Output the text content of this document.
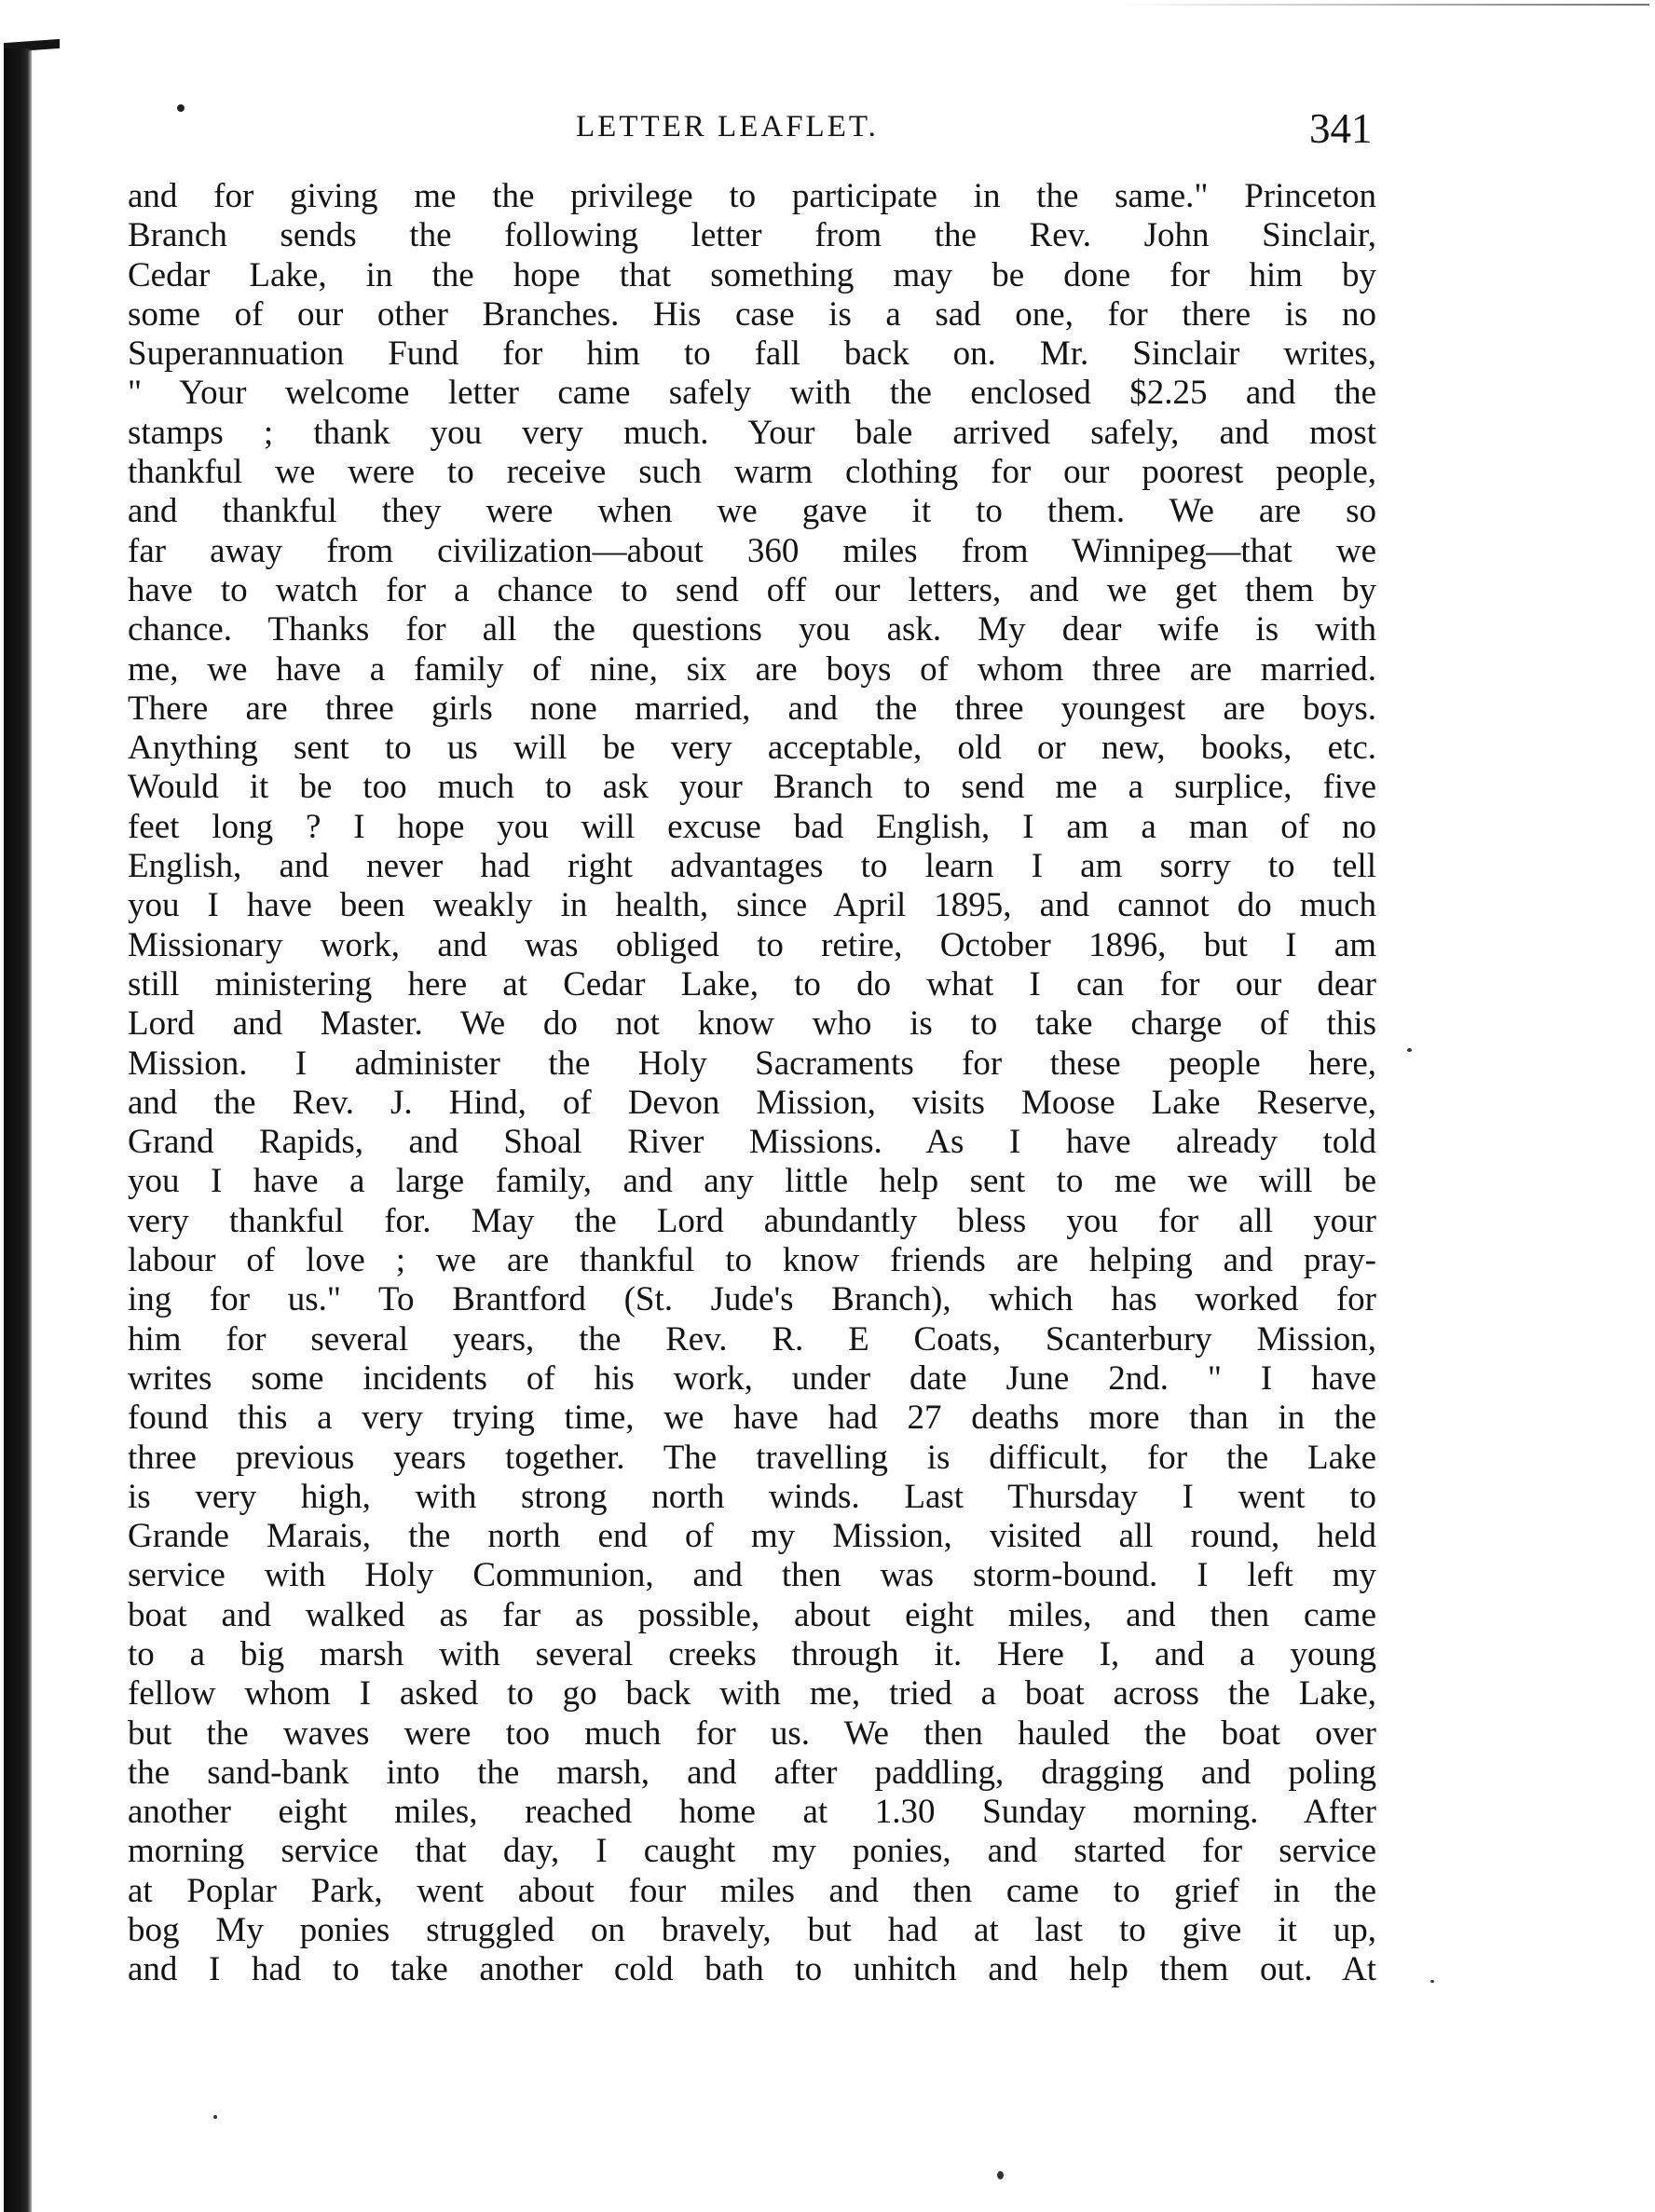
LETTER LEAFLET.	341
and for giving me the privilege to participate in the same." Princeton
Branch sends the following letter from the Rev. John Sinclair,
Cedar Lake, in the hope that something may be done for him by
some of our other Branches. His case is a sad one, for there is no
Superannuation Fund for him to fall back on. Mr. Sinclair writes,
" Your welcome letter came safely with the enclosed $2.25 and the
stamps ; thank you very much. Your bale arrived safely, and most
thankful we were to receive such warm clothing for our poorest people,
and thankful they were when we gave it to them. We are so
far away from civilization—about 360 miles from Winnipeg—that we
have to watch for a chance to send off our letters, and we get them by
chance. Thanks for all the questions you ask. My dear wife is with
me, we have a family of nine, six are boys of whom three are married.
There are three girls none married, and the three youngest are boys.
Anything sent to us will be very acceptable, old or new, books, etc.
Would it be too much to ask your Branch to send me a surplice, five
feet long ? I hope you will excuse bad English, I am a man of no
English, and never had right advantages to learn I am sorry to tell
you I have been weakly in health, since April 1895, and cannot do much
Missionary work, and was obliged to retire, October 1896, but I am
still ministering here at Cedar Lake, to do what I can for our dear
Lord and Master. We do not know who is to take charge of this
Mission. I administer the Holy Sacraments for these people here,
and the Rev. J. Hind, of Devon Mission, visits Moose Lake Reserve,
Grand Rapids, and Shoal River Missions. As I have already told
you I have a large family, and any little help sent to me we will be
very thankful for. May the Lord abundantly bless you for all your
labour of love ; we are thankful to know friends are helping and pray-
ing for us." To Brantford (St. Jude's Branch), which has worked for
him for several years, the Rev. R. E Coats, Scanterbury Mission,
writes some incidents of his work, under date June 2nd. " I have
found this a very trying time, we have had 27 deaths more than in the
three previous years together. The travelling is difficult, for the Lake
is very high, with strong north winds. Last Thursday I went to
Grande Marais, the north end of my Mission, visited all round, held
service with Holy Communion, and then was storm-bound. I left my
boat and walked as far as possible, about eight miles, and then came
to a big marsh with several creeks through it. Here I, and a young
fellow whom I asked to go back with me, tried a boat across the Lake,
but the waves were too much for us. We then hauled the boat over
the sand-bank into the marsh, and after paddling, dragging and poling
another eight miles, reached home at 1.30 Sunday morning. After
morning service that day, I caught my ponies, and started for service
at Poplar Park, went about four miles and then came to grief in the
bog My ponies struggled on bravely, but had at last to give it up,
and I had to take another cold bath to unhitch and help them out. At
